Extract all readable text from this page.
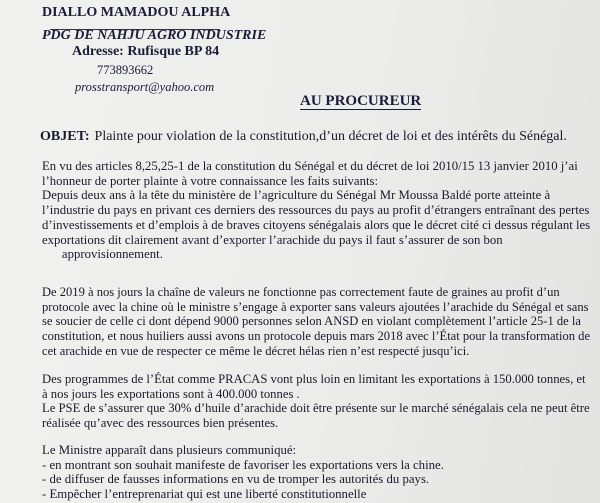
DIALLO MAMADOU ALPHA
PDG DE NAHJU AGRO INDUSTRIE
Adresse: Rufisque BP 84
773893662
prosstransport@yahoo.com
AU PROCUREUR
OBJET: Plainte pour violation de la constitution,d’un décret de loi et des intérêts du Sénégal.
En vu des articles 8,25,25-1 de la constitution du Sénégal et du décret de loi 2010/15 13 janvier 2010 j’ai
l’honneur de porter plainte à votre connaissance les faits suivants:
Depuis deux ans à la tête du ministère de l’agriculture du Sénégal Mr Moussa Baldé porte atteinte à
l’industrie du pays en privant ces derniers des ressources du pays au profit d’étrangers entraînant des pertes
d’investissements et d’emplois à de braves citoyens sénégalais alors que le décret cité ci dessus régulant les
exportations dit clairement avant d’exporter l’arachide du pays il faut s’assurer de son bon
approvisionnement.
De 2019 à nos jours la chaîne de valeurs ne fonctionne pas correctement faute de graines au profit d’un
protocole avec la chine où le ministre s’engage à exporter sans valeurs ajoutées l’arachide du Sénégal et sans
se soucier de celle ci dont dépend 9000 personnes selon ANSD en violant complètement l’article 25-1 de la
constitution, et nous huiliers aussi avons un protocole depuis mars 2018 avec l’État pour la transformation de
cet arachide en vue de respecter ce même le décret hélas rien n’est respecté jusqu’ici.
Des programmes de l’État comme PRACAS vont plus loin en limitant les exportations à 150.000 tonnes, et
à nos jours les exportations sont à 400.000 tonnes .
Le PSE de s’assurer que 30% d’huile d’arachide doit être présente sur le marché sénégalais cela ne peut être
réalisée qu’avec des ressources bien présentes.
Le Ministre apparaît dans plusieurs communiqué:
- en montrant son souhait manifeste de favoriser les exportations vers la chine.
- de diffuser de fausses informations en vu de tromper les autorités du pays.
- Empêcher l’entreprenariat qui est une liberté constitutionnelle
